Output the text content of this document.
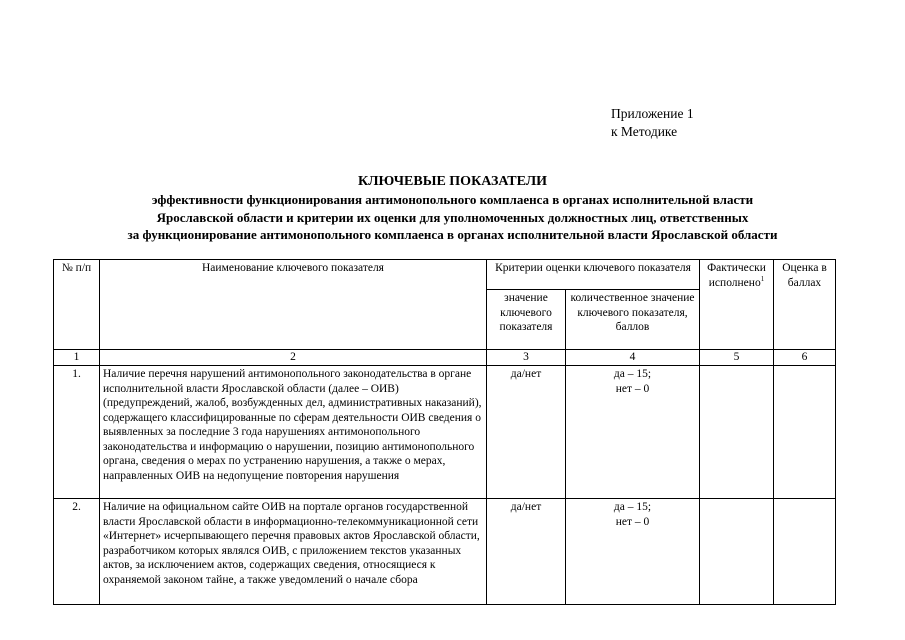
Приложение 1
к Методике
КЛЮЧЕВЫЕ ПОКАЗАТЕЛИ
эффективности функционирования антимонопольного комплаенса в органах исполнительной власти
Ярославской области и критерии их оценки для уполномоченных должностных лиц, ответственных
за функционирование антимонопольного комплаенса в органах исполнительной власти Ярославской области
№ п/п	Наименование ключевого показателя	Критерии оценки ключевого показателя		Фактически исполнено$^1$	Оценка в баллах
		значение ключевого показателя	количественное значение ключевого показателя, баллов		
1	2	3	4	5	6
1.	Наличие перечня нарушений антимонопольного законодательства в органе исполнительной власти Ярославской области (далее – ОИВ) (предупреждений, жалоб, возбужденных дел, административных наказаний), содержащего классифицированные по сферам деятельности ОИВ сведения о выявленных за последние 3 года нарушениях антимонопольного законодательства и информацию о нарушении, позицию антимонопольного органа, сведения о мерах по устранению нарушения, а также о мерах, направленных ОИВ на недопущение повторения нарушения	да/нет	да – 15;
нет – 0		

2.	Наличие на официальном сайте ОИВ на портале органов государственной власти Ярославской области в информационно-телекоммуникационной сети «Интернет» исчерпывающего перечня правовых актов Ярославской области, разработчиком которых являлся ОИВ, с приложением текстов указанных актов, за исключением актов, содержащих сведения, относящиеся к охраняемой законом тайне, а также уведомлений о начале сбора	да/нет	да – 15;
нет – 0		
